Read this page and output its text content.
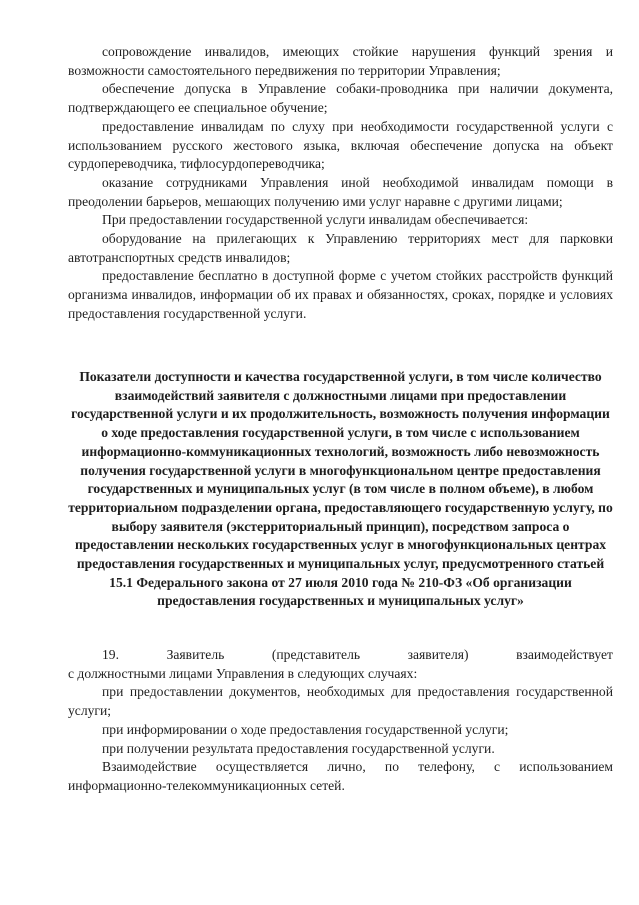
сопровождение инвалидов, имеющих стойкие нарушения функций зрения и возможности самостоятельного передвижения по территории Управления;

обеспечение допуска в Управление собаки-проводника при наличии документа, подтверждающего ее специальное обучение;

предоставление инвалидам по слуху при необходимости государственной услуги с использованием русского жестового языка, включая обеспечение допуска на объект сурдопереводчика, тифлосурдопереводчика;

оказание сотрудниками Управления иной необходимой инвалидам помощи в преодолении барьеров, мешающих получению ими услуг наравне с другими лицами;

При предоставлении государственной услуги инвалидам обеспечивается:

оборудование на прилегающих к Управлению территориях мест для парковки автотранспортных средств инвалидов;

предоставление бесплатно в доступной форме с учетом стойких расстройств функций организма инвалидов, информации об их правах и обязанностях, сроках, порядке и условиях предоставления государственной услуги.

Показатели доступности и качества государственной услуги, в том числе количество взаимодействий заявителя с должностными лицами при предоставлении государственной услуги и их продолжительность, возможность получения информации о ходе предоставления государственной услуги, в том числе с использованием информационно-коммуникационных технологий, возможность либо невозможность получения государственной услуги в многофункциональном центре предоставления государственных и муниципальных услуг (в том числе в полном объеме), в любом территориальном подразделении органа, предоставляющего государственную услугу, по выбору заявителя (экстерриториальный принцип), посредством запроса о предоставлении нескольких государственных услуг в многофункциональных центрах предоставления государственных и муниципальных услуг, предусмотренного статьей 15.1 Федерального закона от 27 июля 2010 года № 210-ФЗ «Об организации предоставления государственных и муниципальных услуг»

19.	Заявитель	(представитель	заявителя)	взаимодействует

с должностными лицами Управления в следующих случаях:

при предоставлении документов, необходимых для предоставления государственной услуги;

при информировании о ходе предоставления государственной услуги;

при получении результата предоставления государственной услуги.

Взаимодействие осуществляется лично, по телефону, с использованием информационно-телекоммуникационных сетей.
